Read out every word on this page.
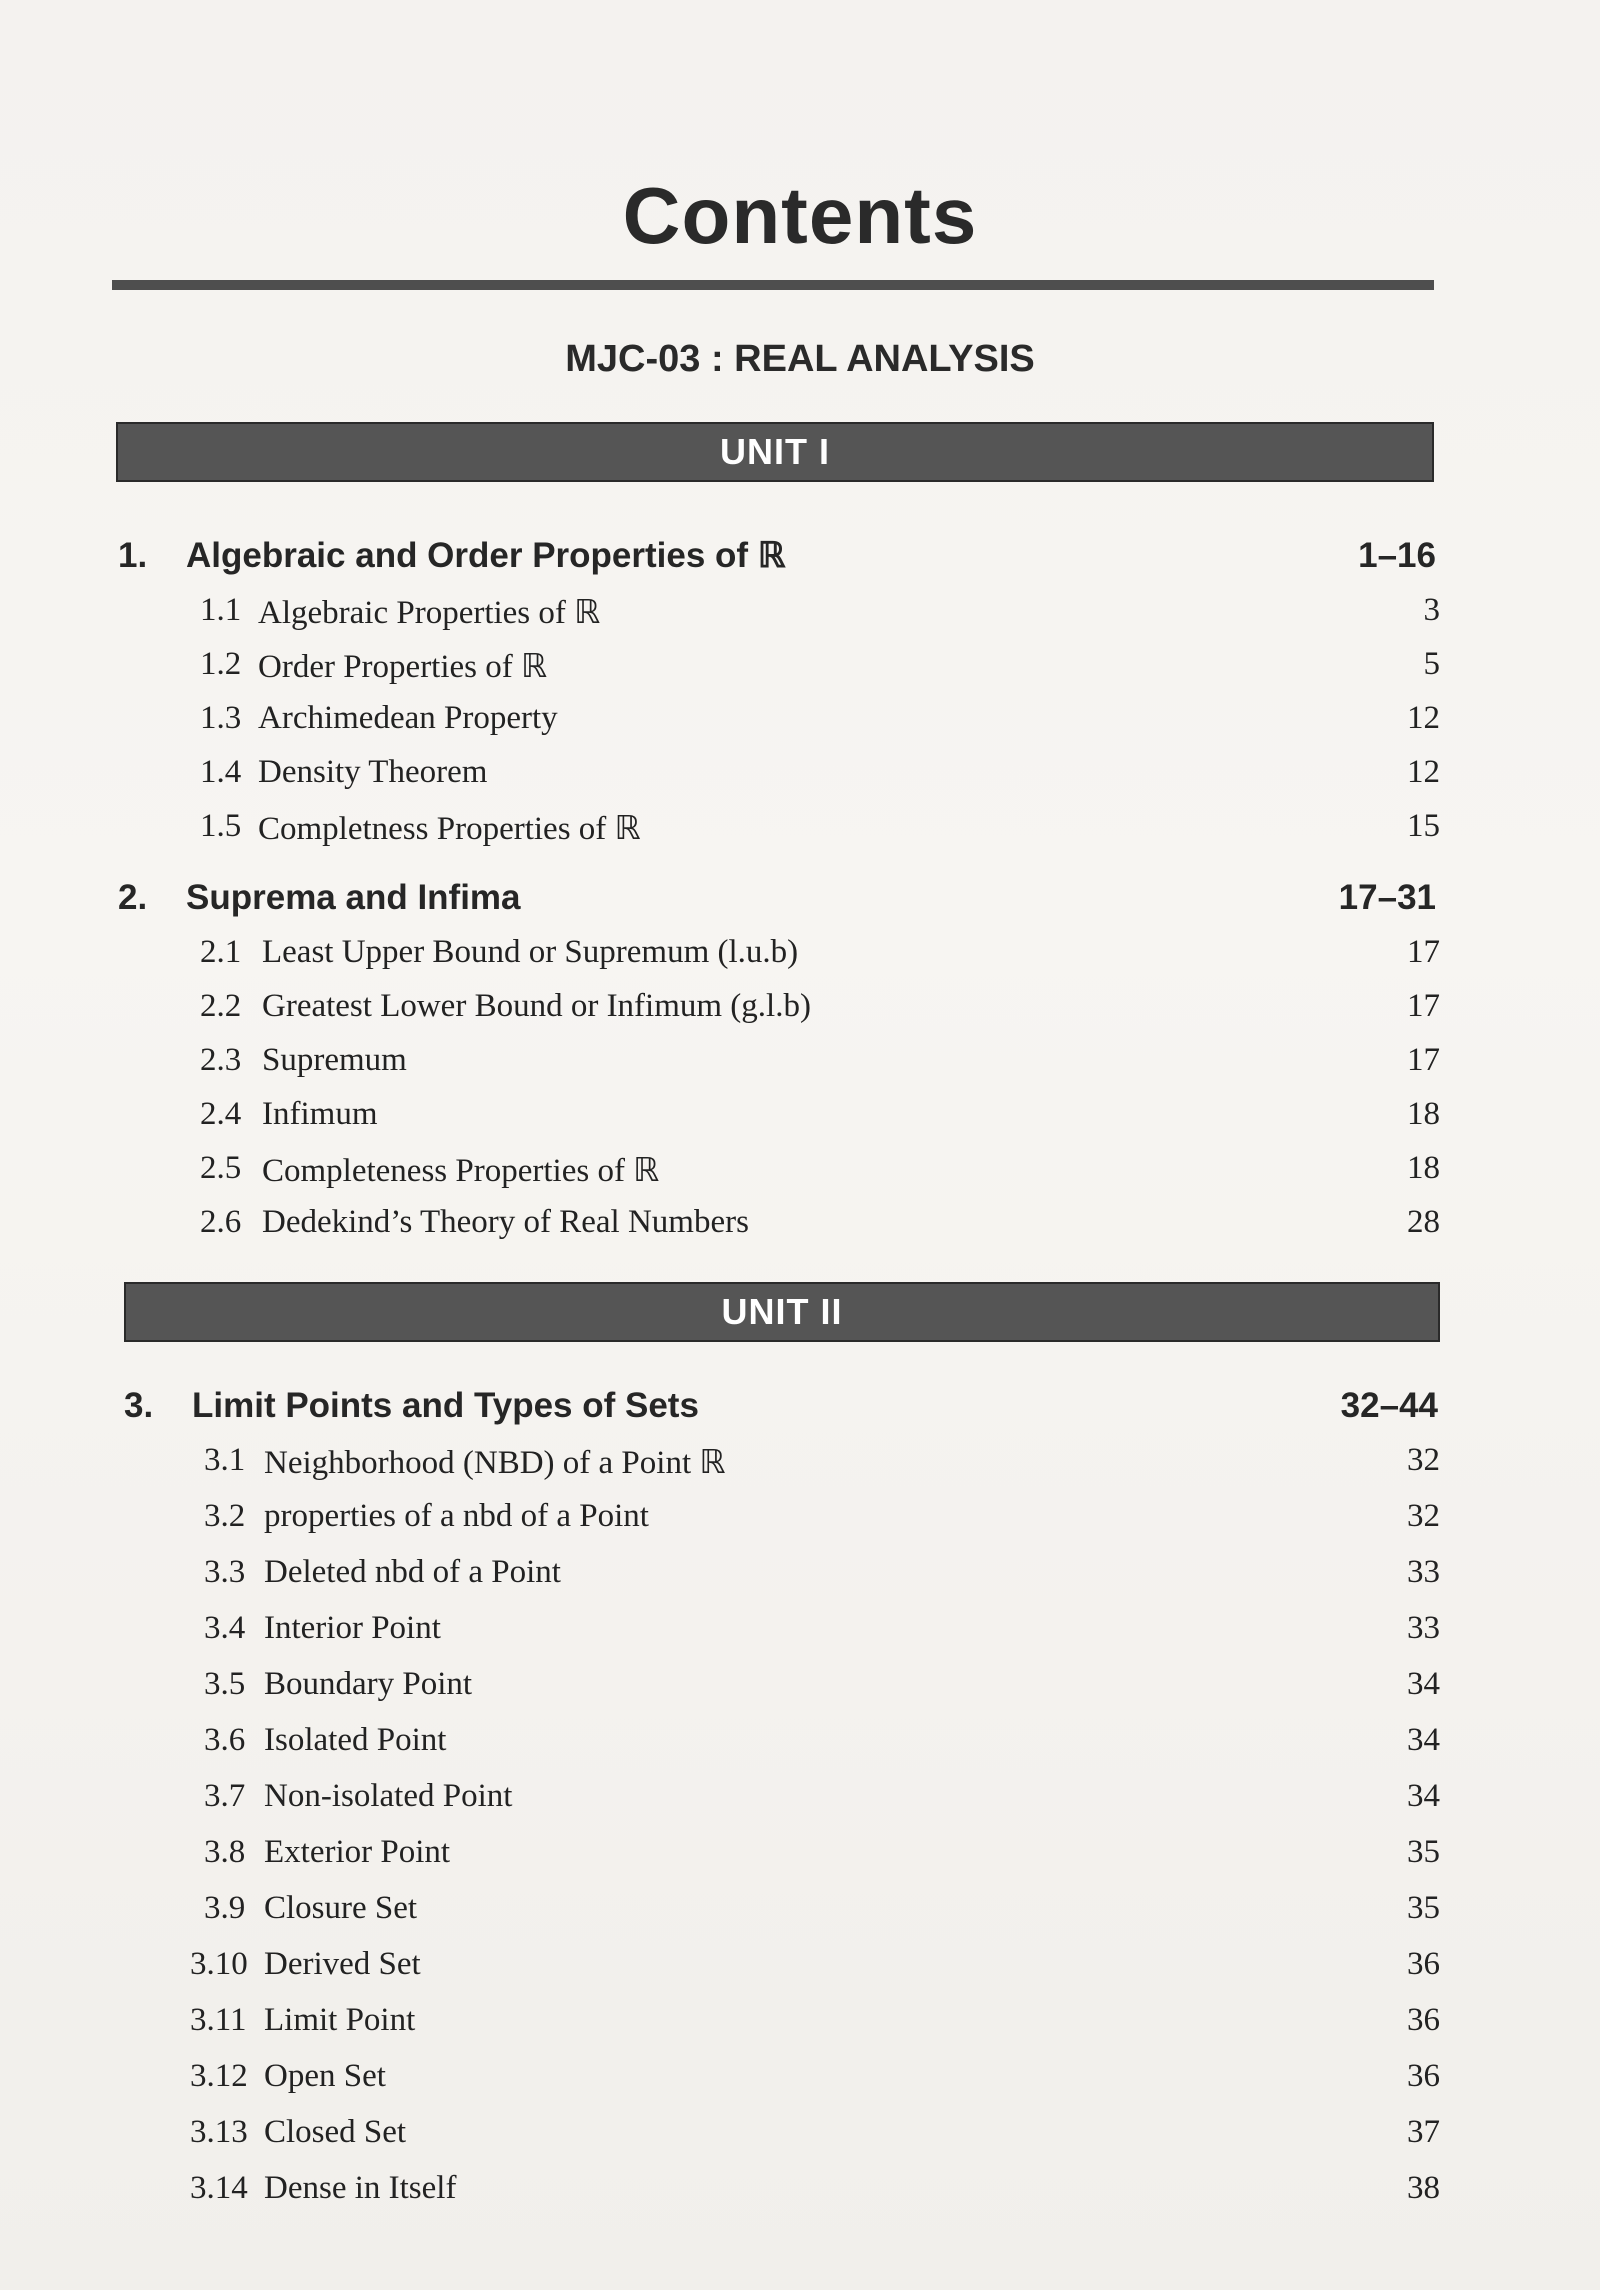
Contents
MJC-03 : REAL ANALYSIS
UNIT I
1. Algebraic and Order Properties of ℝ	1–16
1.1 Algebraic Properties of ℝ	3
1.2 Order Properties of ℝ	5
1.3 Archimedean Property	12
1.4 Density Theorem	12
1.5 Completness Properties of ℝ	15
2. Suprema and Infima	17–31
2.1 Least Upper Bound or Supremum (l.u.b)	17
2.2 Greatest Lower Bound or Infimum (g.l.b)	17
2.3 Supremum	17
2.4 Infimum	18
2.5 Completeness Properties of ℝ	18
2.6 Dedekind’s Theory of Real Numbers	28
UNIT II
3. Limit Points and Types of Sets	32–44
3.1 Neighborhood (NBD) of a Point ℝ	32
3.2 properties of a nbd of a Point	32
3.3 Deleted nbd of a Point	33
3.4 Interior Point	33
3.5 Boundary Point	34
3.6 Isolated Point	34
3.7 Non-isolated Point	34
3.8 Exterior Point	35
3.9 Closure Set	35
3.10 Derived Set	36
3.11 Limit Point	36
3.12 Open Set	36
3.13 Closed Set	37
3.14 Dense in Itself	38
